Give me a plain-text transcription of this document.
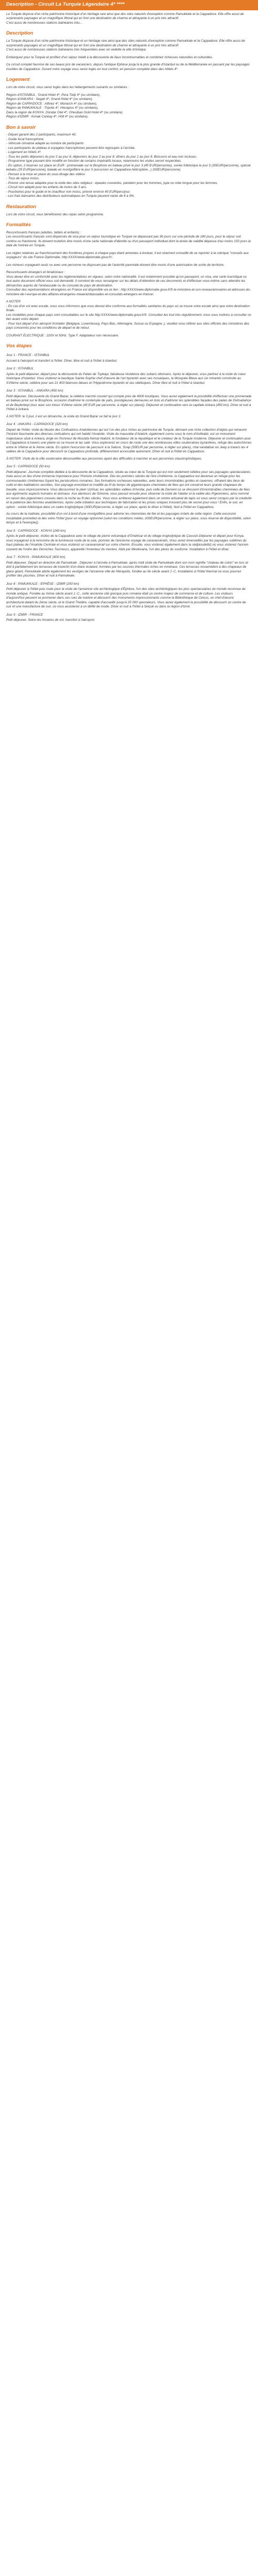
Description - Circuit La Turquie Légendaire 4* ****

La Turquie dispose d'un riche patrimoine historique d'un héritage rare ainsi que des sites naturels d'exception comme Pamukkale et la Cappadoce. Elle offre aussi de surprenants paysages et un magnifique littoral qui en font une destination de charme et attrayante à un prix très attractif.
C'est aussi de nombreuses stations balnéaires très...

Description

La Turquie dispose d'un riche patrimoine historique et un héritage rare ainsi que des sites naturels d'exception comme Pamukkale et la Cappadoce. Elle offre aussi de surprenants paysages et un magnifique littoral qui en font une destination de charme et attrayante à un prix très attractif.
C'est aussi de nombreuses stations balnéaires très fréquentées avec en vedette la ville d'Antalya.

Embarquez pour la Turquie et profitez d'un séjour inédit à la découverte de lieux incontournables et combinez richesses naturelles et culturelles.

Ce circuit complet favorisé de ses beaux prix de vacanciers, depuis l'antique Ephèse jusqu'à la plus grande d'Istanbul ou de la Méditerranée en passant par les paysages insolites de Cappadoce. Durant votre voyage vous serez logés en tout confort, en pension complète dans des hôtels 4*.

Logement

Lors de votre circuit, vous serez logés dans les hébergements suivants ou similaires :

Région d'ISTANBUL : Grand Hotel 4*, Pera Tulip 4* (ou similaire),
Région d'ANKARA : Segah 4*, Grand Hotel 4* (ou similaire),
Région de CAPPADOCE : Alfinez 4*, Monarch 4* (ou similaire),
Région de PAMUKKALE : Tripolis 4*, Hierapius 4* (ou similaire),
Dans la région de KONYA: Dündar Otel 4*, Ohesiban Gold Hotel 4* (ou similaire)
Région d'IZMIR : Konak Cankay 4*, Hölt 4* (ou similaire).
Bon à savoir
- Départ garanti dès 2 participants, maximum 40.
- Guide local francophone.
- Véhicule climatisé adapté au nombre de participants.
- Les participants du plateau à voyagées francophones peuvent être regroupés à l'arrivée.
- Logement en hôtels 4*.
- Tous les petits déjeuners du jour 2 au jour 8, déjeuners du jour 2 au jour 8, dîners du jour 1 au jour 8. Boissons et eau non incluses.
- Programme type pouvant être modifié en fonction de certains impératifs locaux, néanmoins les visites seront respectées.
- En option, il réserver sur place en EUR : promenade sur le Bosphore en bateau privé le jour 3 (45 EUR/personne), soirée folklorique le jour 5 (30EUR/personne), spécial kebabs (35 EUR/personne), balade en montgolfière le jour 5 (excursion en Cappadoce-hélicoptère...) 200EUR/personne).
- Pensez à la mise en place du sous-titrage des vidéos
- Tous de séjour inclus.
- Prévoir une tenue adaptée pour la visite des sites religieux : épaules couvertes, pantalon pour les hommes, jupe ou robe longue pour les femmes.
- Circuit non adapté pour les enfants de moins de 3 ans.
- Pourboires pour le guide et le chauffeur non inclus, prévoir environ 40 EUR/pers/jour.
- Les frais bancaires des distributeurs automatiques en Turquie peuvent varier de 6 à 9%.
Restauration

Lors de votre circuit, vous bénéficierez des repas selon programme.

Formalités

Ressortissants français (adultes, bébés et enfants) :
Les ressortissants français sont dispensés de visa pour un séjour touristique en Turquie ne dépassant pas 90 jours sur une période de 180 jours, pour le séjour soit continu ou fractionné. Ils doivent toutefois être munis d'une carte nationale d'identité ou d'un passeport individuel dont la durée de validité dépasse d'au moins 150 jours la date de l'entrée en Turquie.

Les règles relatives au franchissement des frontières propres à chaque pays étant amenées à évoluer, il est vivement conseillé de se reporter à la rubrique "conseils aux voyageurs" du site France Diplomatie, http:XXXX/www.diplomatie.gouv.fr/.

Les mineurs voyageant seuls ou avec une personne ne disposant pas de l'autorité parentale doivent être munis d'une autorisation de sortie de territoire.

Ressortissants étrangers et binationaux :
Vous devez être en conformité avec les réglementations en vigueur, selon votre nationalité. Il est notamment possible qu'un passeport, un visa, une carte touristique ou tout autre document officiel vous soit demandé. Il convient de vous renseigner sur les délais d'obtention de ces documents et d'effectuer vous-même sans attendre les démarches auprès de l'ambassade ou du consulat du pays de destination.
Consultez des représentations étrangères en France est disponible via ce lien : http:XXXX/www.diplomatie.gouv.fr/fr-le-ministere-et-son-reseau/annuaires-et-adresses-du-ministere-de-l-europe-et-des-affaires-etrangeres-meae/ambassades-et-consulats-etrangers-en-france/.

A NOTER

- En cas d'un voi avec escale, nous vous informons que vous devrez être conforme aux formalités sanitaires du pays où se trouve votre escale ainsi que votre destination finale.
Les modalités pour chaque pays sont consultables sur le site http:XXXX/www.diplomatie.gouv.fr/fr. Consultez-les tout très régulièrement, nous vous invitons à consulter ce lien avant votre départ.
- Pour tout départ d'un aéroport frontalier (Belgique, Luxembourg, Pays-Bas, Allemagne, Suisse ou Espagne..), veuillez vous référer aux sites officiels des ministères des pays concernés pour les conditions de départ et de retour.

COURANT ÉLECTRIQUE : 220V et 50Hz. Type F. Adaptateur non nécessaire.

Vos étapes
Jour 1 : FRANCE - ISTANBUL

Accueil à l'aéroport et transfert à l'hôtel. Dîner, libre et nuit à l'hôtel à Istanbul.

Jour 2 : ISTANBUL

Après le petit-déjeuner, départ pour la découverte du Palais de Topkapi, fabuleuse résidence des sultans ottomans. Après le déjeuner, vous partirez à la visite du cœur historique d'Istanbul. Vous visiterez la basilique Sainte-Sophie chef d'œuvre de l'art byzantin avec ses mosaïques, la Mosquée Bleue aux six minarets construite au XVIIème siècle, célèbre pour ses 21 403 faïences bleues et l'Hippodrome byzantin et ses obélisques. Dîner libre et nuit à l'hôtel à Istanbul.

Jour 3 : ISTANBUL - ANKARA (450 km)

Petit déjeuner. Découverte du Grand Bazar, la célèbre marché couvert qui compte près de 4000 boutiques. Vous aurez également la possibilité d'effectuer une promenade en bateau privé sur le Bosphore, occasion d'admirer le contemple de yalis, prestigieuses demeures en bois et d'admirer les splendides façades des palais de Dolmabahçe et de Beylerbeyi (tour avec son trésor XVIème siècle (45 EUR par personne, à régler sur place)). Déjeuner et continuation vers la capitale Ankara (450 km). Dîner et nuit à l'hôtel à Ankara.

À NOTER: le 3 jour, il est un dimanche, la visite du Grand Bazar se fait le jour 2.

Jour 4 : ANKARA - CAPPADOCE (320 km)

Départ de l'hôtel, visite du Musée des Civilisations Anatoliennes qui est l'un des plus riches au patrimoine de Turquie, dérivant une riche collection d'objets qui retracent l'histoire fascinante des diverses civilisations qui ont habité l'Anatolie. Visite du mausolée d'Atatürk, également connu sous le nom d'Anitkabir, est un monument majestueux situé à Ankara, érigé en l'honneur de Mustafa Kemal Atatürk, le fondateur de la république et le créateur de la Turquie moderne. Déjeuner et continuation pour la Cappadoce à travers une plaine où se trouve le lac salé. Vous explorerez en cours de route une des nombreuses villes souterraines byzantines, refuge des autochtones entre le VIIème et le Xème siècle. En option l'excursion de parcourir à la Saloon, Snap (55EUR par personne, à régler sur place), chai vandaliser en Jeep à travers les 4 vallées de la Cappadoce pour découvrir la Cappadoce profonde, différemment accessible autrement. Dîner et nuit à l'hôtel en Cappadoce.

À NOTER: Visite de la ville souterraine déconseillée aux personnes ayant des difficultés à marcher et aux personnes claustrophobiques.

Jour 5 : CAPPADOCE (50 km)

Petit-déjeuner. Journée complète dédiée à la découverte de la Cappadoce, située au cœur de la Turquie qui est non seulement célèbre pour ses paysages spectaculaires mais aussi un lieu d'une immense importance pour l'histoire chrétienne. Dès les premiers siècles de l'ère chrétienne, la Cappadoce est devenue un refuge pour les communautés chrétiennes fuyant les persécutions romaines. Ses formations rocheuses naturelles, avec leurs innombrables grottes et cavernes, offraient des lieux de culte et des habitations secrètes. Son paysage envoûtant et modifié au fil du temps de gigantesques cheminées de fées qui ont conservé leurs grands chapeaux de basalte, vous impressionnera. Vous découvrirez le plein Uçhisar, les splendides vallées d'Avcilar, puis celle de Dervent où se dressent d'innombrables cheminées de fées aux agréments aspects humains et animaux. Aux alentours de Göreme, vous passez ensuite pour observer la visite de l'atelier et la vallée des Pigeonniers, ainsi nommé en raison des pigeonniers creusés dans la roche au fil des siècles. Vous vous arrêterez également dans un centre artisanal de tapis où vous serez conquis par la créativité et la patience des femmes anatoliennes. Après cette initiation aux techniques de fabrication et les prises uniques trouvant plus de secret pour vous ! Enfin, le soir, en option : soirée folklorique dans un cadre troglodytique (30EUR/personne, à régler sur place, après le dîner à l'hôtel). Nuit à l'hôtel en Cappadoce.

Au cours de la matinée, possibilité d'un vol à bord d'une montgolfière pour admirer les cheminées de fée et les paysages irréels de cette région. Cette excursion inoubliable promettez-la dès votre l'hôtel (pour un voyage optionnel (selon les conditions météo, 200EUR/personne, à régler sur place, sous réserve de disponibilité, selon temps et à l'exemple)).

Jour 6 : CAPPADOCE - KONYA (240 km)

Après le petit-déjeuner, visites de la Cappadoce avec le village de pierre volcanique d'Ortahisar et du village troglodytique de Çavusin.Déjeuner et départ pour Konya, vous voyagerez à la rencontre de la lumineuse route de la soie, pionnier de l'ancienne voyage de caravansérails. Vous serez émerveillés par les paysages sublimes du haut plateau de l'Anatolie Centrale et vous visiterez un caravansérail sur votre chemin. Ensuite, vous visiterez également dans la sédplusdetbi) où vous visiterez l'ancien couvent de l'ordre des Derviches Tourneurs, appareille l'inventeur du mevlevi, Abbi par Mevlevana, l'un des pères du soufisme. Installation à l'hôtel et dîner.

Jour 7 : KONYA - PAMUKKALE (400 km)

Petit déjeuner. Départ en direction de Pamukkale . Déjeuner à l'arrivée à Pamukkale, après midi visite de Pamukkale dont son nom signifie "chateau de coton" en turc et doit à parfaitement les terrasses de travertin d'un blanc éclatant, formées par les sources thermales riches en minéraux. Ces terrasses ressemblent à des chapeaux de glace géant, Pamukkale abrite également les vestiges de l'ancienne ville de Hiérapolis, fondée au IIe siècle avant J.-C. Installation à l'hôtel thermal où vous pourrez profiter des piscines. Dîner et nuit à Pamukkale.

Jour 8 : PAMUKKALE - EPHÈSE - IZMIR (250 km)

Petit déjeuner à l'hôtel puis route pour la visite de l'ancienne site archéologique d'Éphèse, l'un des sites archéologiques les plus spectaculaires du monde reconnue de monde antique. Fondée au Xème siècle avant J.-C., cette ancienne cité grecque puis romaine était un centre majeur de commerce et de culture. Les visiteurs d'aujourd'hui peuvent se promener dans ses rues de marbre et découvrir des monuments impressionnants comme la Bibliothèque de Celsus, un chef-d'œuvre architectural datant du 2ème siècle, et le Grand Théâtre, capable d'accueillir jusqu'à 25 000 spectateurs. Vous aurez également la possibilité de découvrir un centre de cuir et une manufacture de cuir, où vous assisterez à un défilé de mode. Dîner et nuit à l'hôtel à Selçuk ou dans la région d'Izmir.

Jour 9 : IZMIR - FRANCE

Petit déjeuner. Selon les horaires de vol, transfert à l'aéroport.
